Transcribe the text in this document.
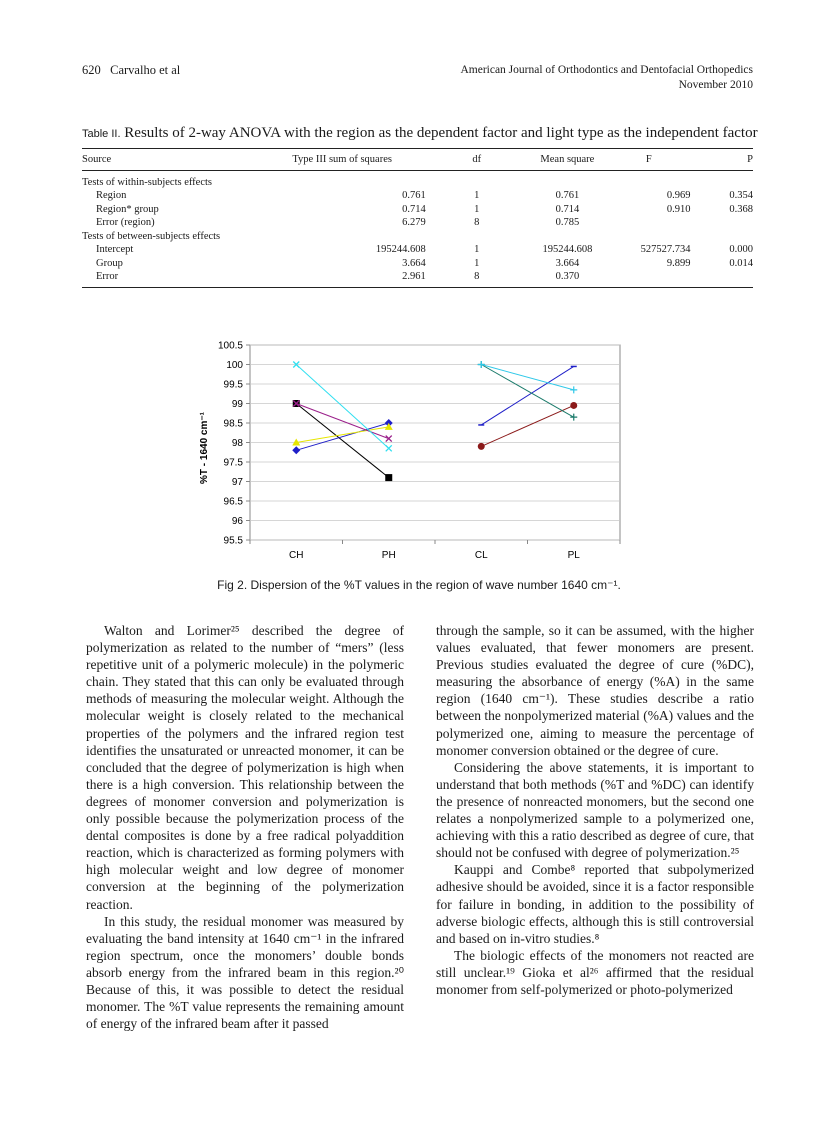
620 Carvalho et al	American Journal of Orthodontics and Dentofacial Orthopedics
November 2010
Table II. Results of 2-way ANOVA with the region as the dependent factor and light type as the independent factor
Source	Type III sum of squares	df	Mean square	F	P
Tests of within-subjects effects					
Region	0.761	1	0.761	0.969	0.354
Region* group	0.714	1	0.714	0.910	0.368
Error (region)	6.279	8	0.785		
Tests of between-subjects effects					
Intercept	195244.608	1	195244.608	527527.734	0.000
Group	3.664	1	3.664	9.899	0.014
Error	2.961	8	0.370		
100.5
100
99.5
99
98.5
98
97.5
97
96.5
96
95.5
CH	PH	CL	PL
%T - 1640 cm⁻¹
Fig 2. Dispersion of the %T values in the region of wave number 1640 cm⁻¹.

Walton and Lorimer²⁵ described the degree of polymerization as related to the number of “mers” (less repetitive unit of a polymeric molecule) in the polymeric chain. They stated that this can only be evaluated through methods of measuring the molecular weight. Although the molecular weight is closely related to the mechanical properties of the polymers and the infrared region test identifies the unsaturated or unreacted monomer, it can be concluded that the degree of polymerization is high when there is a high conversion. This relationship between the degrees of monomer conversion and polymerization is only possible because the polymerization process of the dental composites is done by a free radical polyaddition reaction, which is characterized as forming polymers with high molecular weight and low degree of monomer conversion at the beginning of the polymerization reaction.

In this study, the residual monomer was measured by evaluating the band intensity at 1640 cm⁻¹ in the infrared region spectrum, once the monomers’ double bonds absorb energy from the infrared beam in this region.²⁰ Because of this, it was possible to detect the residual monomer. The %T value represents the remaining amount of energy of the infrared beam after it passed

through the sample, so it can be assumed, with the higher values evaluated, that fewer monomers are present. Previous studies evaluated the degree of cure (%DC), measuring the absorbance of energy (%A) in the same region (1640 cm⁻¹). These studies describe a ratio between the nonpolymerized material (%A) values and the polymerized one, aiming to measure the percentage of monomer conversion obtained or the degree of cure.

Considering the above statements, it is important to understand that both methods (%T and %DC) can identify the presence of nonreacted monomers, but the second one relates a nonpolymerized sample to a polymerized one, achieving with this a ratio described as degree of cure, that should not be confused with degree of polymerization.²⁵

Kauppi and Combe⁸ reported that subpolymerized adhesive should be avoided, since it is a factor responsible for failure in bonding, in addition to the possibility of adverse biologic effects, although this is still controversial and based on in-vitro studies.⁸

The biologic effects of the monomers not reacted are still unclear.¹⁹ Gioka et al²⁶ affirmed that the residual monomer from self-polymerized or photo-polymerized
